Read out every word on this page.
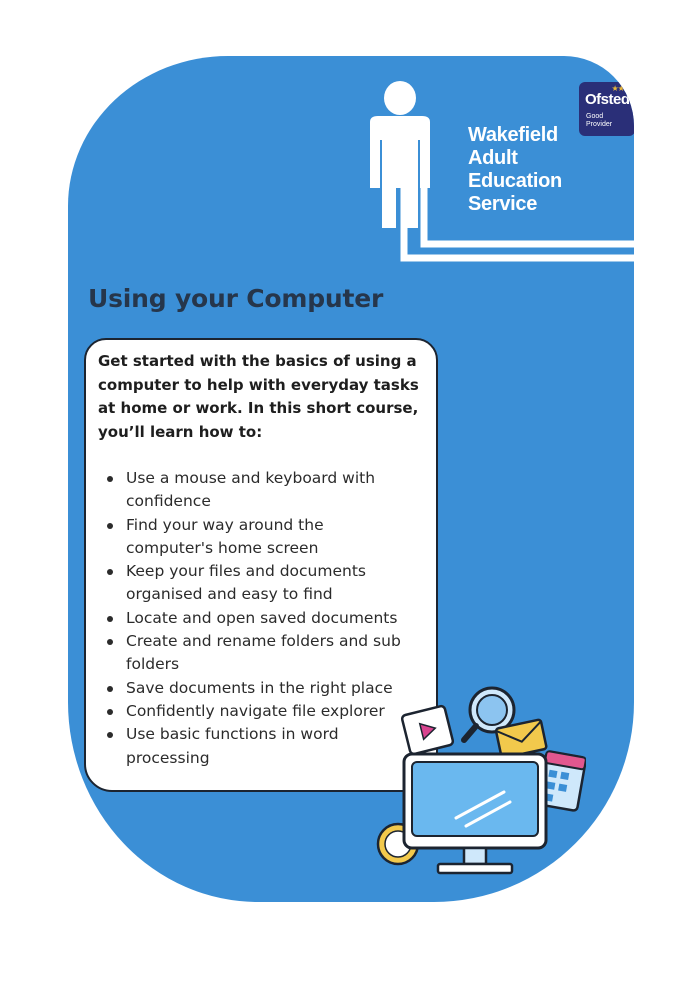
Wakefield
Adult
Education
Service
★★★
Ofsted
Good
Provider
Using your Computer
Get started with the basics of using a
computer to help with everyday tasks
at home or work. In this short course,
you’ll learn how to:
Use a mouse and keyboard with
confidence
Find your way around the
computer's home screen
Keep your files and documents
organised and easy to find
Locate and open saved documents
Create and rename folders and sub
folders
Save documents in the right place
Confidently navigate file explorer
Use basic functions in word
processing
